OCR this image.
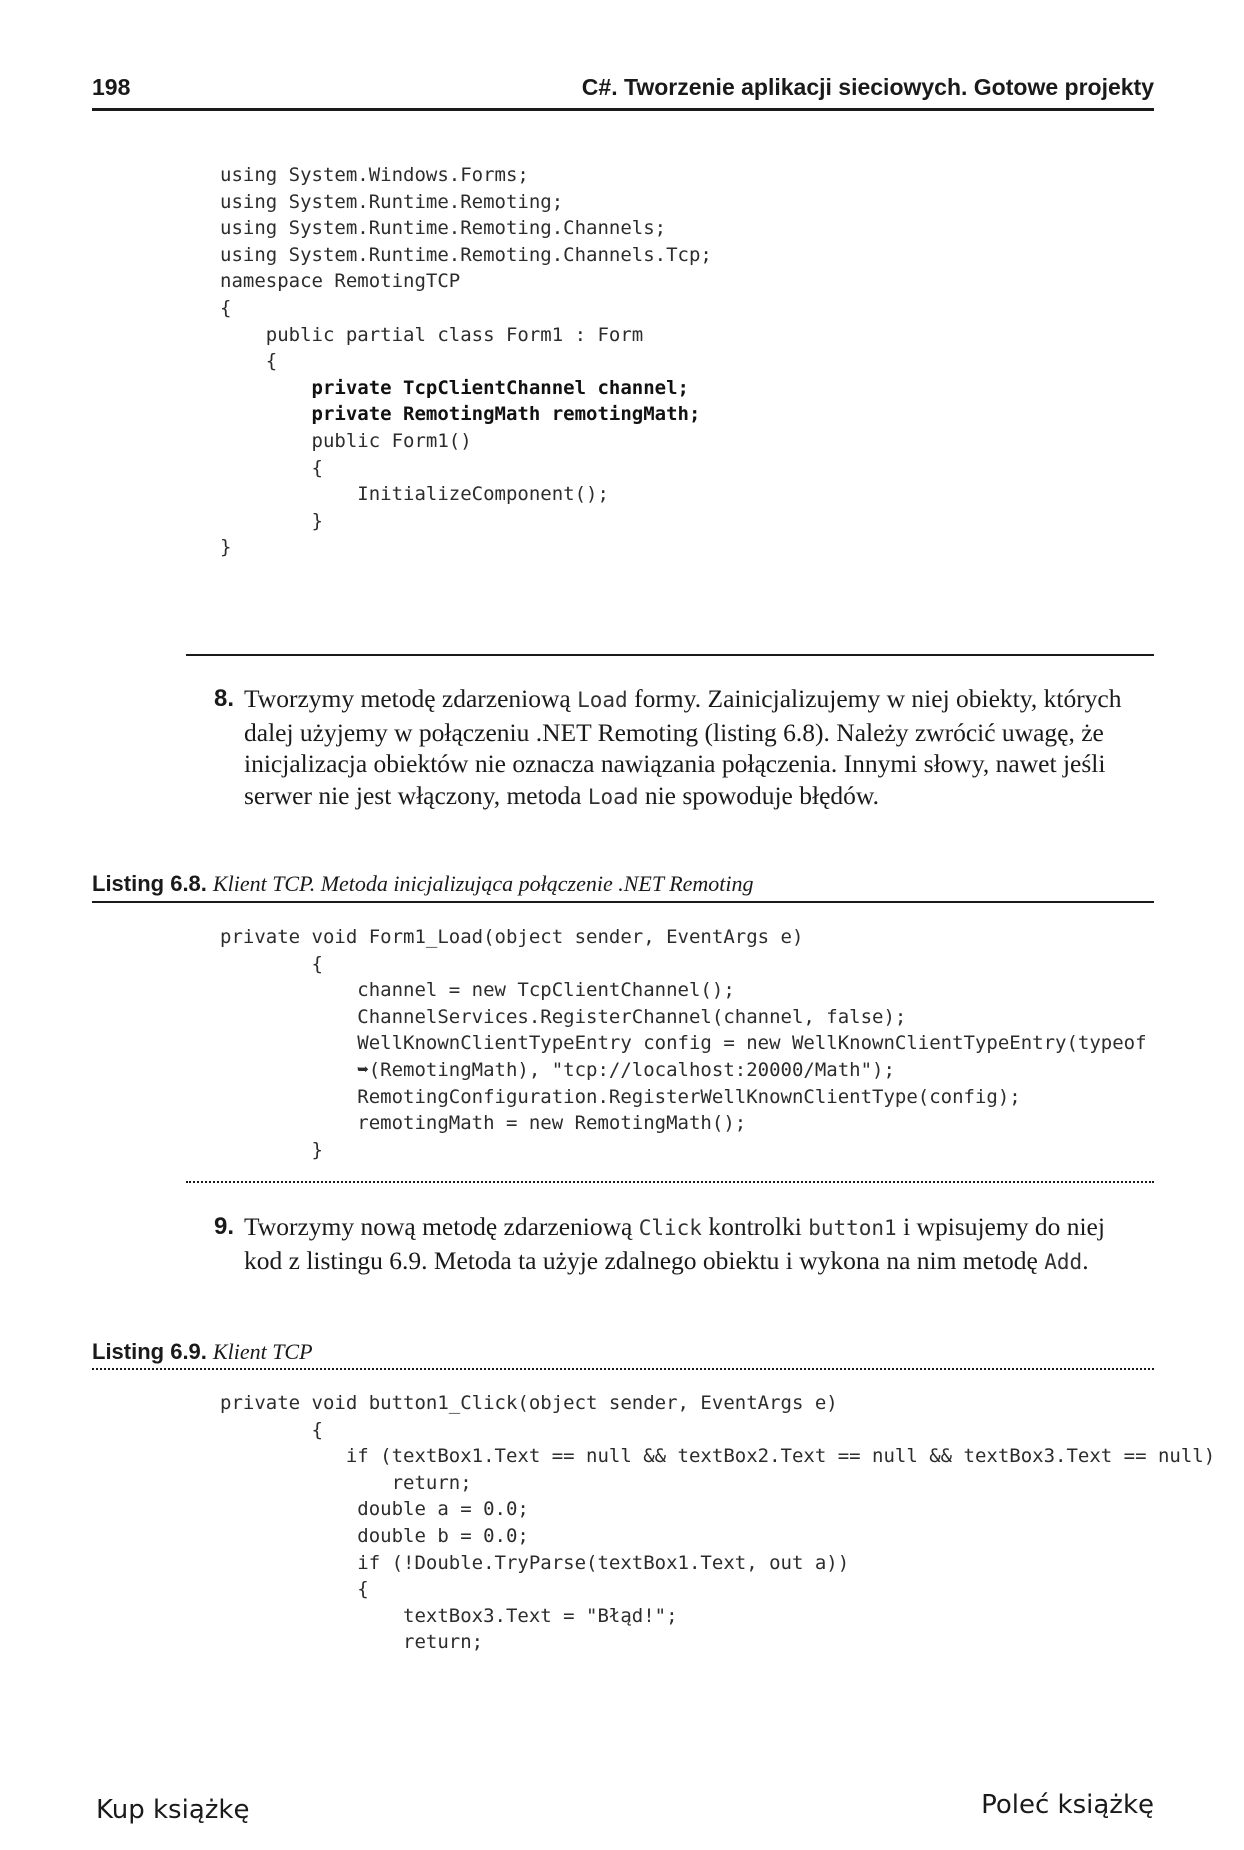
198	C#. Tworzenie aplikacji sieciowych. Gotowe projekty
using System.Windows.Forms;
using System.Runtime.Remoting;
using System.Runtime.Remoting.Channels;
using System.Runtime.Remoting.Channels.Tcp;
namespace RemotingTCP
{
public partial class Form1 : Form
{
private TcpClientChannel channel;
private RemotingMath remotingMath;
public Form1()
{
InitializeComponent();
}
}
8. Tworzymy metodę zdarzeniową Load formy. Zainicjalizujemy w niej obiekty, których dalej użyjemy w połączeniu .NET Remoting (listing 6.8). Należy zwrócić uwagę, że inicjalizacja obiektów nie oznacza nawiązania połączenia. Innymi słowy, nawet jeśli serwer nie jest włączony, metoda Load nie spowoduje błędów.
Listing 6.8. Klient TCP. Metoda inicjalizująca połączenie .NET Remoting
private void Form1_Load(object sender, EventArgs e)
{
channel = new TcpClientChannel();
ChannelServices.RegisterChannel(channel, false);
WellKnownClientTypeEntry config = new WellKnownClientTypeEntry(typeof
➥(RemotingMath), "tcp://localhost:20000/Math");
RemotingConfiguration.RegisterWellKnownClientType(config);
remotingMath = new RemotingMath();
}
9. Tworzymy nową metodę zdarzeniową Click kontrolki button1 i wpisujemy do niej kod z listingu 6.9. Metoda ta użyje zdalnego obiektu i wykona na nim metodę Add.
Listing 6.9. Klient TCP
private void button1_Click(object sender, EventArgs e)
{
if (textBox1.Text == null && textBox2.Text == null && textBox3.Text == null)
return;
double a = 0.0;
double b = 0.0;
if (!Double.TryParse(textBox1.Text, out a))
{
textBox3.Text = "Błąd!";
return;
Kup książkę	Poleć książkę
